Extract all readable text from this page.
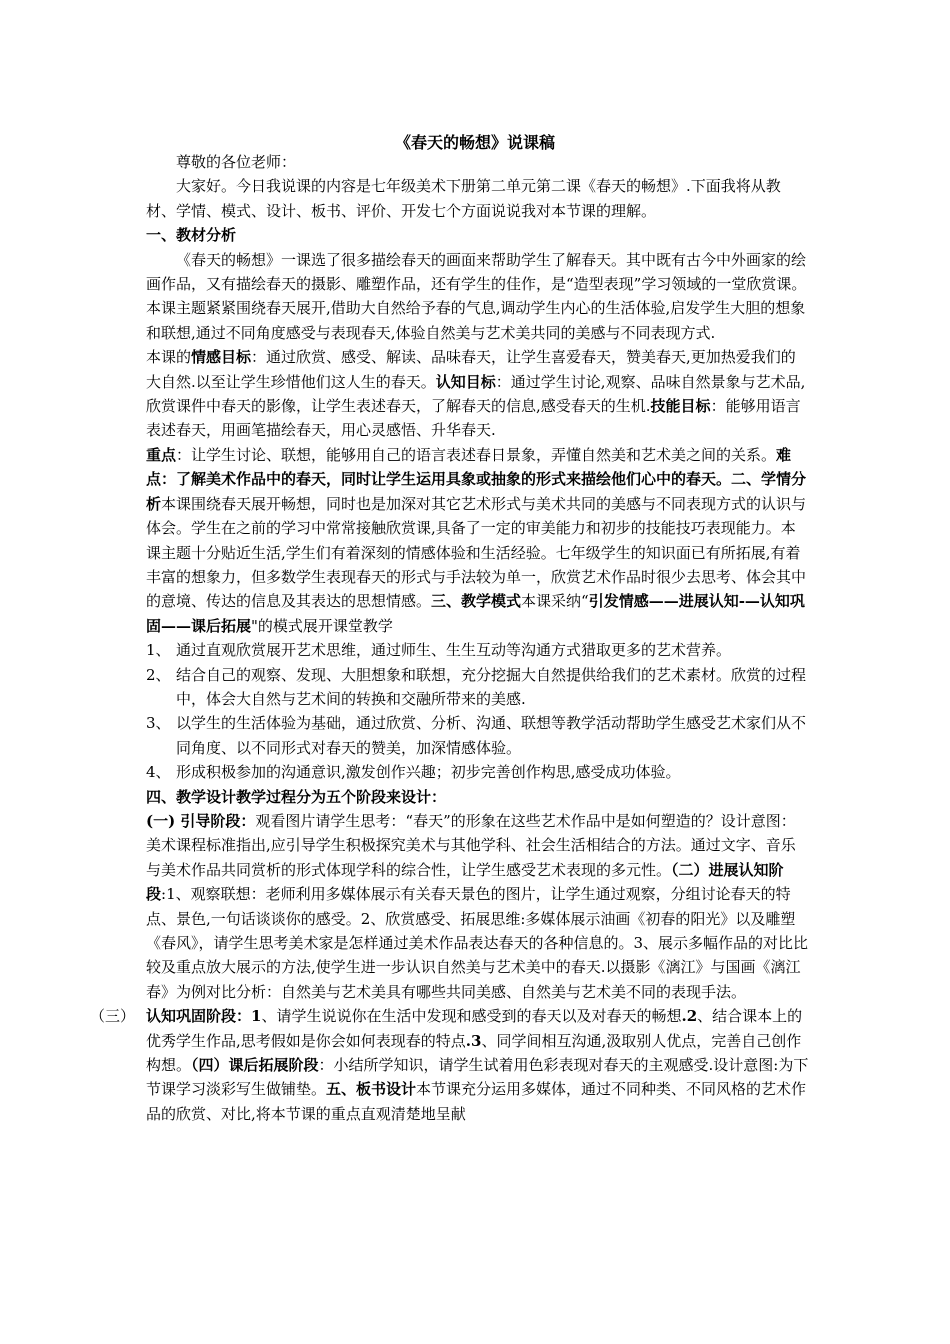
《春天的畅想》说课稿

尊敬的各位老师：

大家好。今日我说课的内容是七年级美术下册第二单元第二课《春天的畅想》.下面我将从教材、学情、模式、设计、板书、评价、开发七个方面说说我对本节课的理解。

一、教材分析

《春天的畅想》一课选了很多描绘春天的画面来帮助学生了解春天。其中既有古今中外画家的绘画作品，又有描绘春天的摄影、雕塑作品，还有学生的佳作，是“造型表现”学习领域的一堂欣赏课。本课主题紧紧围绕春天展开,借助大自然给予春的气息,调动学生内心的生活体验,启发学生大胆的想象和联想,通过不同角度感受与表现春天,体验自然美与艺术美共同的美感与不同表现方式.

本课的情感目标：通过欣赏、感受、解读、品味春天，让学生喜爱春天，赞美春天,更加热爱我们的大自然.以至让学生珍惜他们这人生的春天。认知目标：通过学生讨论,观察、品味自然景象与艺术品,欣赏课件中春天的影像，让学生表述春天，了解春天的信息,感受春天的生机.技能目标：能够用语言表述春天，用画笔描绘春天，用心灵感悟、升华春天.

重点：让学生讨论、联想，能够用自己的语言表述春日景象，弄懂自然美和艺术美之间的关系。难点：了解美术作品中的春天，同时让学生运用具象或抽象的形式来描绘他们心中的春天。二、学情分析本课围绕春天展开畅想，同时也是加深对其它艺术形式与美术共同的美感与不同表现方式的认识与体会。学生在之前的学习中常常接触欣赏课,具备了一定的审美能力和初步的技能技巧表现能力。本课主题十分贴近生活,学生们有着深刻的情感体验和生活经验。七年级学生的知识面已有所拓展,有着丰富的想象力，但多数学生表现春天的形式与手法较为单一，欣赏艺术作品时很少去思考、体会其中的意境、传达的信息及其表达的思想情感。三、教学模式本课采纳“引发情感——进展认知-—认知巩固——课后拓展"的模式展开课堂教学

1、 通过直观欣赏展开艺术思维，通过师生、生生互动等沟通方式猎取更多的艺术营养。

2、 结合自己的观察、发现、大胆想象和联想，充分挖掘大自然提供给我们的艺术素材。欣赏的过程中，体会大自然与艺术间的转换和交融所带来的美感.

3、 以学生的生活体验为基础，通过欣赏、分析、沟通、联想等教学活动帮助学生感受艺术家们从不同角度、以不同形式对春天的赞美，加深情感体验。

4、 形成积极参加的沟通意识,激发创作兴趣；初步完善创作构思,感受成功体验。

四、教学设计教学过程分为五个阶段来设计：

(一) 引导阶段：观看图片请学生思考：“春天”的形象在这些艺术作品中是如何塑造的？设计意图：美术课程标准指出,应引导学生积极探究美术与其他学科、社会生活相结合的方法。通过文字、音乐与美术作品共同赏析的形式体现学科的综合性，让学生感受艺术表现的多元性。（二）进展认知阶段:1、观察联想：老师利用多媒体展示有关春天景色的图片，让学生通过观察，分组讨论春天的特点、景色,一句话谈谈你的感受。2、欣赏感受、拓展思维:多媒体展示油画《初春的阳光》以及雕塑《春风》，请学生思考美术家是怎样通过美术作品表达春天的各种信息的。3、展示多幅作品的对比比较及重点放大展示的方法,使学生进一步认识自然美与艺术美中的春天.以摄影《漓江》与国画《漓江春》为例对比分析：自然美与艺术美具有哪些共同美感、自然美与艺术美不同的表现手法。

（三） 认知巩固阶段：1、请学生说说你在生活中发现和感受到的春天以及对春天的畅想.2、结合课本上的优秀学生作品,思考假如是你会如何表现春的特点.3、同学间相互沟通,汲取别人优点，完善自己创作构想。（四）课后拓展阶段：小结所学知识，请学生试着用色彩表现对春天的主观感受.设计意图:为下节课学习淡彩写生做铺垫。五、板书设计本节课充分运用多媒体，通过不同种类、不同风格的艺术作品的欣赏、对比,将本节课的重点直观清楚地呈献
